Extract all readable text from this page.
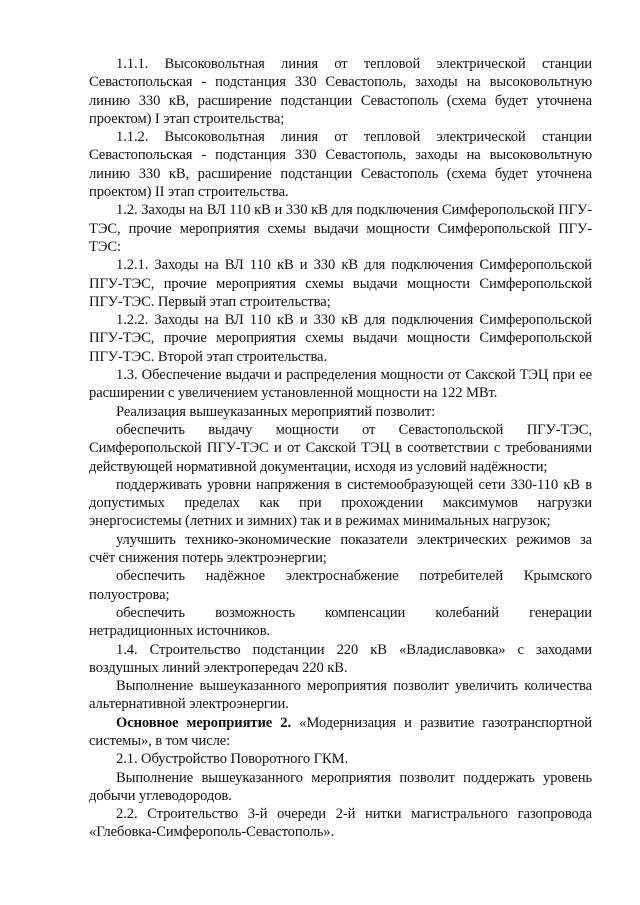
1.1.1. Высоковольтная линия от тепловой электрической станции Севастопольская - подстанция 330 Севастополь, заходы на высоковольтную линию 330 кВ, расширение подстанции Севастополь (схема будет уточнена проектом) I этап строительства;

1.1.2. Высоковольтная линия от тепловой электрической станции Севастопольская - подстанция 330 Севастополь, заходы на высоковольтную линию 330 кВ, расширение подстанции Севастополь (схема будет уточнена проектом) II этап строительства.

1.2. Заходы на ВЛ 110 кВ и 330 кВ для подключения Симферопольской ПГУ-ТЭС, прочие мероприятия схемы выдачи мощности Симферопольской ПГУ-ТЭС:

1.2.1. Заходы на ВЛ 110 кВ и 330 кВ для подключения Симферопольской ПГУ-ТЭС, прочие мероприятия схемы выдачи мощности Симферопольской ПГУ-ТЭС. Первый этап строительства;

1.2.2. Заходы на ВЛ 110 кВ и 330 кВ для подключения Симферопольской ПГУ-ТЭС, прочие мероприятия схемы выдачи мощности Симферопольской ПГУ-ТЭС. Второй этап строительства.

1.3. Обеспечение выдачи и распределения мощности от Сакской ТЭЦ при ее расширении с увеличением установленной мощности на 122 МВт.

Реализация вышеуказанных мероприятий позволит:

обеспечить выдачу мощности от Севастопольской ПГУ-ТЭС, Симферопольской ПГУ-ТЭС и от Сакской ТЭЦ в соответствии с требованиями действующей нормативной документации, исходя из условий надёжности;

поддерживать уровни напряжения в системообразующей сети 330-110 кВ в допустимых пределах как при прохождении максимумов нагрузки энергосистемы (летних и зимних) так и в режимах минимальных нагрузок;

улучшить технико-экономические показатели электрических режимов за счёт снижения потерь электроэнергии;

обеспечить надёжное электроснабжение потребителей Крымского полуострова;

обеспечить возможность компенсации колебаний генерации нетрадиционных источников.

1.4. Строительство подстанции 220 кВ «Владиславовка» с заходами воздушных линий электропередач 220 кВ.

Выполнение вышеуказанного мероприятия позволит увеличить количества альтернативной электроэнергии.

Основное мероприятие 2. «Модернизация и развитие газотранспортной системы», в том числе:

2.1. Обустройство Поворотного ГКМ.

Выполнение вышеуказанного мероприятия позволит поддержать уровень добычи углеводородов.

2.2. Строительство 3-й очереди 2-й нитки магистрального газопровода «Глебовка-Симферополь-Севастополь».
